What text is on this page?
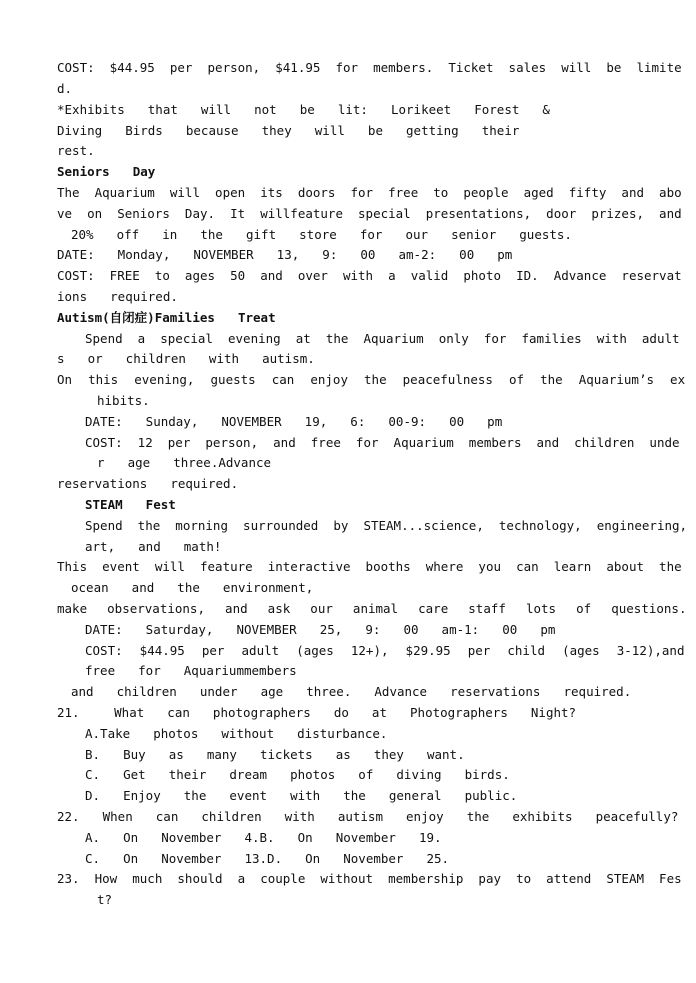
COST:  $44.95  per  person,  $41.95  for  members.  Ticket  sales  will  be  limite
d.
*Exhibits  that  will  not  be  lit:  Lorikeet  Forest  &
Diving  Birds  because  they  will  be  getting  their
rest.
Seniors  Day
The  Aquarium  will  open  its  doors  for  free  to  people  aged  fifty  and  abo
ve  on  Seniors  Day.  It  willfeature  special  presentations,  door  prizes,  and
20%  off  in  the  gift  store  for  our  senior  guests.
DATE:  Monday,  NOVEMBER  13,  9:  00  am-2:  00  pm
COST:  FREE  to  ages  50  and  over  with  a  valid  photo  ID.  Advance  reservat
ions  required.
Autism(自闭症)Families  Treat
Spend  a  special  evening  at  the  Aquarium  only  for  families  with  adult
s  or  children  with  autism.
On  this  evening,  guests  can  enjoy  the  peacefulness  of  the  Aquarium’s  ex
hibits.
DATE:  Sunday,  NOVEMBER  19,  6:  00-9:  00  pm
COST:  12  per  person,  and  free  for  Aquarium  members  and  children  unde
r  age  three.Advance
reservations  required.
STEAM  Fest
Spend  the  morning  surrounded  by  STEAM...science,  technology,  engineering,
art,  and  math!
This  event  will  feature  interactive  booths  where  you  can  learn  about  the
ocean  and  the  environment,
make  observations,  and  ask  our  animal  care  staff  lots  of  questions.
DATE:  Saturday,  NOVEMBER  25,  9:  00  am-1:  00  pm
COST:  $44.95  per  adult  (ages  12+),  $29.95  per  child  (ages  3-12),and
free  for  Aquariummembers
and  children  under  age  three.  Advance  reservations  required.
21.   What  can  photographers  do  at  Photographers  Night?
A.Take  photos  without  disturbance.
B.  Buy  as  many  tickets  as  they  want.
C.  Get  their  dream  photos  of  diving  birds.
D.  Enjoy  the  event  with  the  general  public.
22.  When  can  children  with  autism  enjoy  the  exhibits  peacefully?
A.  On  November  4.B.  On  November  19.
C.  On  November  13.D.  On  November  25.
23.  How  much  should  a  couple  without  membership  pay  to  attend  STEAM  Fes
t?
